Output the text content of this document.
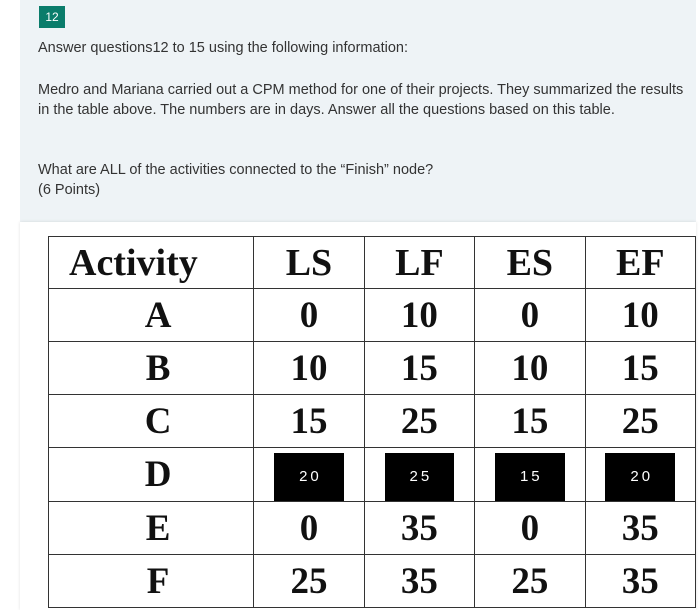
12

Answer questions12 to 15 using the following information:

Medro and Mariana carried out a CPM method for one of their projects. They summarized the results in the table above. The numbers are in days. Answer all the questions based on this table.

What are ALL of the activities connected to the “Finish” node?

(6 Points)

Activity	LS	LF	ES	EF
A	0	10	0	10
B	10	15	10	15
C	15	25	15	25
D	20	25	15	20
E	0	35	0	35
F	25	35	25	35
